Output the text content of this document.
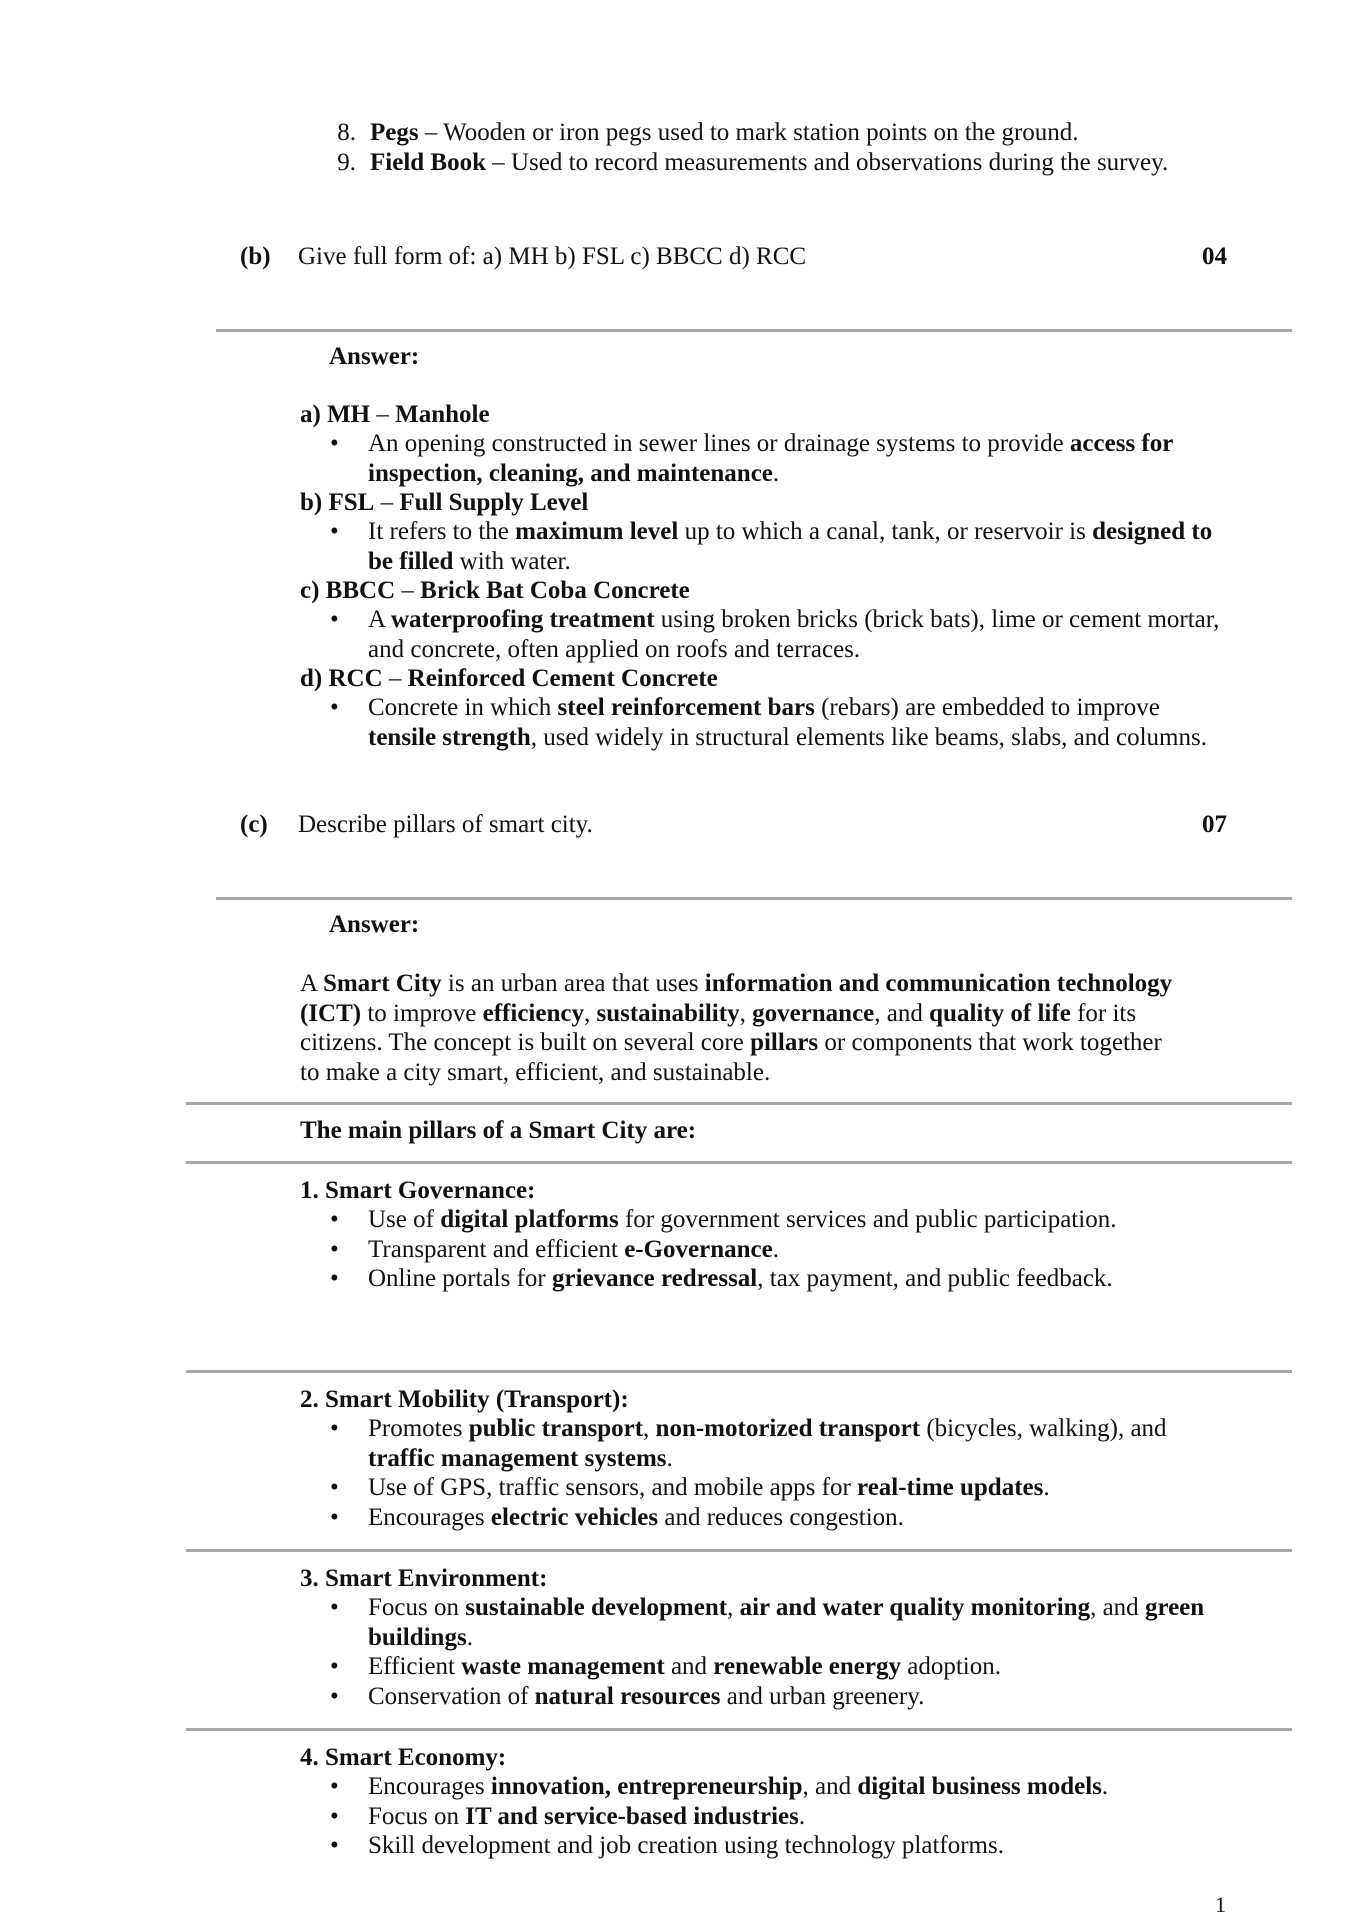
8. Pegs – Wooden or iron pegs used to mark station points on the ground.
9. Field Book – Used to record measurements and observations during the survey.
(b) Give full form of: a) MH b) FSL c) BBCC d) RCC	04
Answer:
a) MH – Manhole
• An opening constructed in sewer lines or drainage systems to provide access for inspection, cleaning, and maintenance.
b) FSL – Full Supply Level
• It refers to the maximum level up to which a canal, tank, or reservoir is designed to be filled with water.
c) BBCC – Brick Bat Coba Concrete
• A waterproofing treatment using broken bricks (brick bats), lime or cement mortar, and concrete, often applied on roofs and terraces.
d) RCC – Reinforced Cement Concrete
• Concrete in which steel reinforcement bars (rebars) are embedded to improve tensile strength, used widely in structural elements like beams, slabs, and columns.
(c) Describe pillars of smart city.	07
Answer:
A Smart City is an urban area that uses information and communication technology (ICT) to improve efficiency, sustainability, governance, and quality of life for its citizens. The concept is built on several core pillars or components that work together to make a city smart, efficient, and sustainable.
The main pillars of a Smart City are:
1. Smart Governance:
• Use of digital platforms for government services and public participation.
• Transparent and efficient e-Governance.
• Online portals for grievance redressal, tax payment, and public feedback.
2. Smart Mobility (Transport):
• Promotes public transport, non-motorized transport (bicycles, walking), and traffic management systems.
• Use of GPS, traffic sensors, and mobile apps for real-time updates.
• Encourages electric vehicles and reduces congestion.
3. Smart Environment:
• Focus on sustainable development, air and water quality monitoring, and green buildings.
• Efficient waste management and renewable energy adoption.
• Conservation of natural resources and urban greenery.
4. Smart Economy:
• Encourages innovation, entrepreneurship, and digital business models.
• Focus on IT and service-based industries.
• Skill development and job creation using technology platforms.
1
